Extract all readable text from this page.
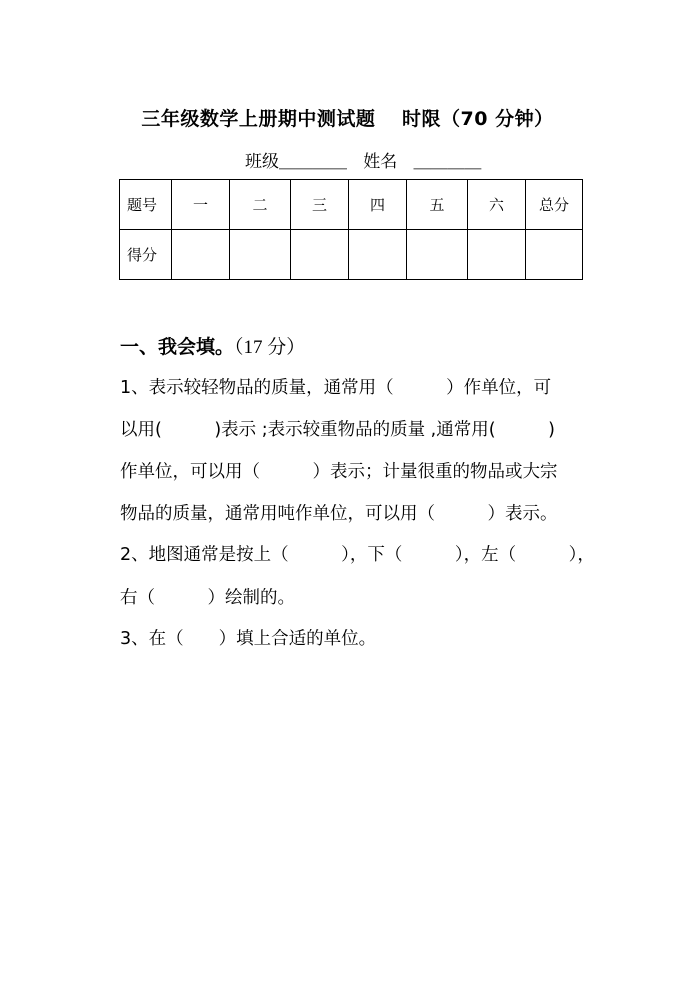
三年级数学上册期中测试题　 时限（70 分钟）
班级＿＿＿＿ 姓名 ＿＿＿＿
题号	一	二	三	四	五	六	总分
得分							
一、我会填。（17 分）
1、表示较轻物品的质量，通常用（　　　）作单位，可
以用(　　　)表示 ;表示较重物品的质量 ,通常用(　　　)
作单位，可以用（　　　）表示；计量很重的物品或大宗
物品的质量，通常用吨作单位，可以用（　　　）表示。
2、地图通常是按上（　　　），下（　　　），左（　　　），
右（　　　）绘制的。
3、在（　　）填上合适的单位。
